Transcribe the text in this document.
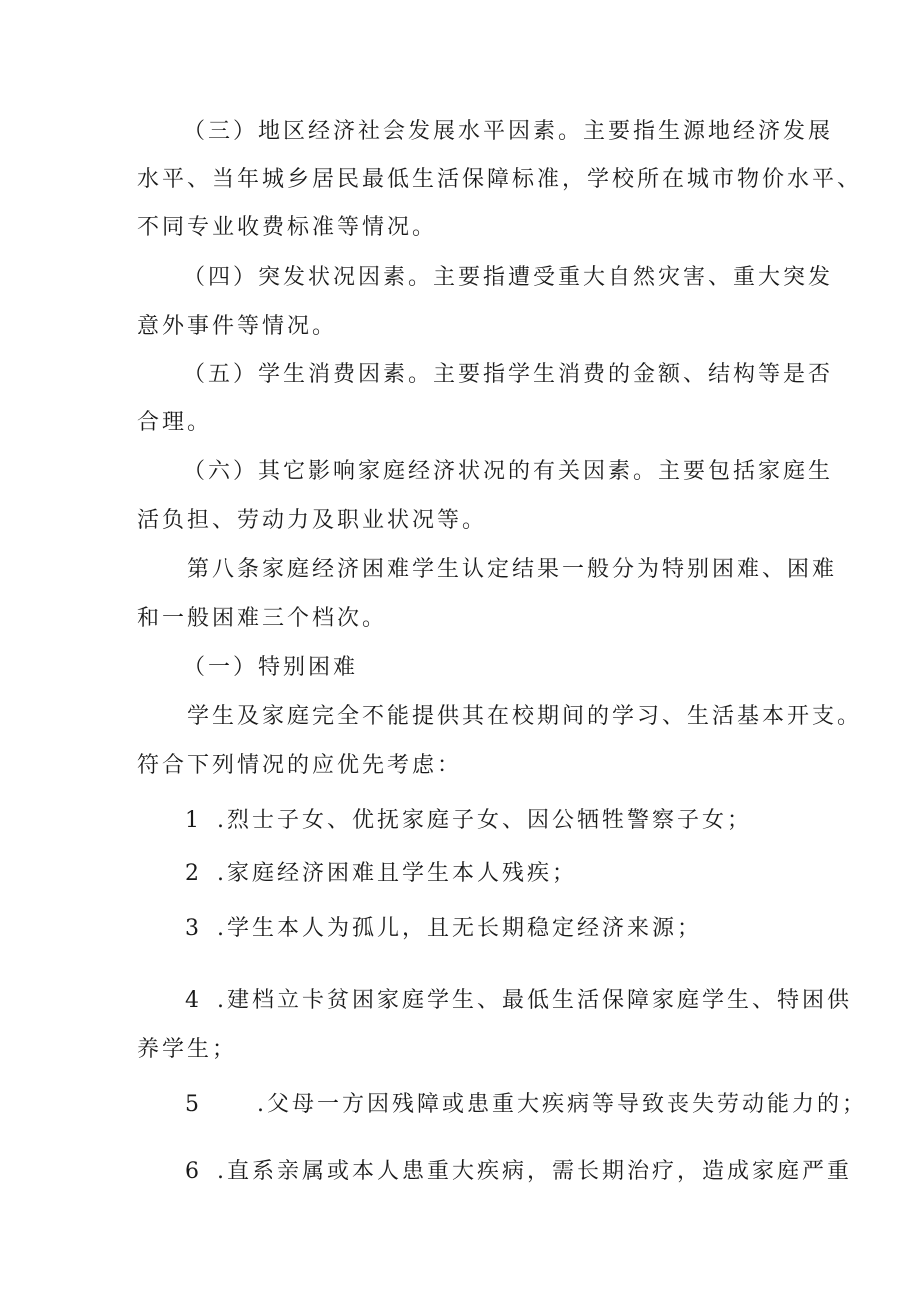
（三）地区经济社会发展水平因素。主要指生源地经济发展
水平、当年城乡居民最低生活保障标准，学校所在城市物价水平、
不同专业收费标准等情况。
（四）突发状况因素。主要指遭受重大自然灾害、重大突发
意外事件等情况。
（五）学生消费因素。主要指学生消费的金额、结构等是否
合理。
（六）其它影响家庭经济状况的有关因素。主要包括家庭生
活负担、劳动力及职业状况等。
第八条家庭经济困难学生认定结果一般分为特别困难、困难
和一般困难三个档次。
（一）特别困难
学生及家庭完全不能提供其在校期间的学习、生活基本开支。
符合下列情况的应优先考虑：
1 .烈士子女、优抚家庭子女、因公牺牲警察子女；
2 .家庭经济困难且学生本人残疾；
3 .学生本人为孤儿，且无长期稳定经济来源；
4 .建档立卡贫困家庭学生、最低生活保障家庭学生、特困供
养学生；
5	.父母一方因残障或患重大疾病等导致丧失劳动能力的；
6 .直系亲属或本人患重大疾病，需长期治疗，造成家庭严重
